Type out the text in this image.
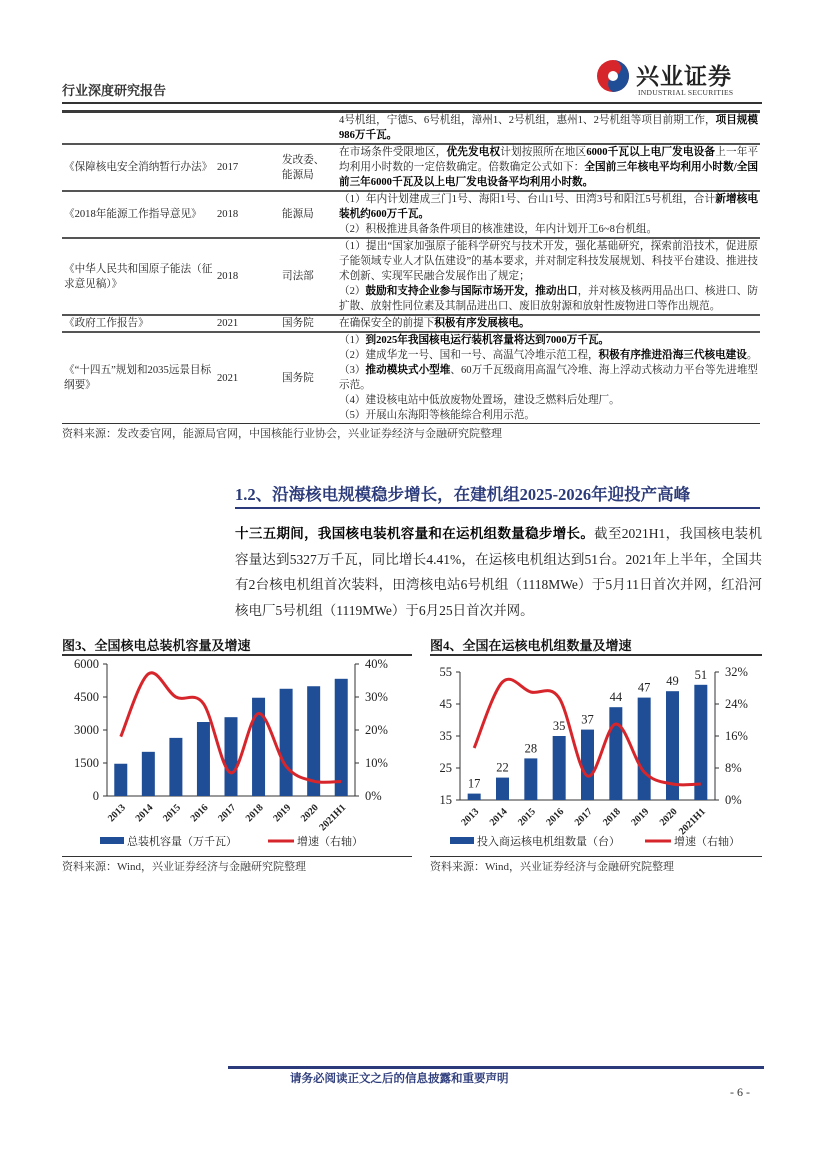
行业深度研究报告
兴业证券
INDUSTRIAL SECURITIES
			4号机组，宁德5、6号机组，漳州1、2号机组，惠州1、2号机组等项目前期工作，项目规模986万千瓦。
《保障核电安全消纳暂行办法》	2017	发改委、能源局	在市场条件受限地区，优先发电权计划按照所在地区6000千瓦以上电厂发电设备上一年平均利用小时数的一定倍数确定。倍数确定公式如下：全国前三年核电平均利用小时数/全国前三年6000千瓦及以上电厂发电设备平均利用小时数。
《2018年能源工作指导意见》	2018	能源局	（1）年内计划建成三门1号、海阳1号、台山1号、田湾3号和阳江5号机组，合计新增核电装机约600万千瓦。
（2）积极推进具备条件项目的核准建设，年内计划开工6~8台机组。
《中华人民共和国原子能法（征求意见稿）》	2018	司法部	（1）提出“国家加强原子能科学研究与技术开发，强化基础研究，探索前沿技术，促进原子能领域专业人才队伍建设”的基本要求，并对制定科技发展规划、科技平台建设、推进技术创新、实现军民融合发展作出了规定；
（2）鼓励和支持企业参与国际市场开发，推动出口，并对核及核两用品出口、核进口、防扩散、放射性同位素及其制品进出口、废旧放射源和放射性废物进口等作出规范。
《政府工作报告》	2021	国务院	在确保安全的前提下积极有序发展核电。
《“十四五”规划和2035远景目标纲要》	2021	国务院	（1）到2025年我国核电运行装机容量将达到7000万千瓦。
（2）建成华龙一号、国和一号、高温气冷堆示范工程，积极有序推进沿海三代核电建设。
（3）推动模块式小型堆、60万千瓦级商用高温气冷堆、海上浮动式核动力平台等先进堆型示范。
（4）建设核电站中低放废物处置场，建设乏燃料后处理厂。
（5）开展山东海阳等核能综合利用示范。
资料来源：发改委官网，能源局官网，中国核能行业协会，兴业证券经济与金融研究院整理
1.2、沿海核电规模稳步增长，在建机组2025-2026年迎投产高峰
十三五期间，我国核电装机容量和在运机组数量稳步增长。截至2021H1，我国核电装机容量达到5327万千瓦，同比增长4.41%，在运核电机组达到51台。2021年上半年，全国共有2台核电机组首次装料，田湾核电站6号机组（1118MWe）于5月11日首次并网，红沿河核电厂5号机组（1119MWe）于6月25日首次并网。
图3、全国核电总装机容量及增速
0	0%
1500	10%
3000	20%
4500	30%
6000	40%
2013 2014 2015 2016 2017 2018 2019 2020
2021H1
总装机容量（万千瓦）	增速（右轴）
资料来源：Wind，兴业证券经济与金融研究院整理
图4、全国在运核电机组数量及增速
15	0%
25	8%
35	16%
45	24%
55	32%
17
2013
22
2014
28
2015
35
2016
37
2017
44
2018
47
2019
49
2020
51
2021H1
投入商运核电机组数量（台）	增速（右轴）
资料来源：Wind，兴业证券经济与金融研究院整理
请务必阅读正文之后的信息披露和重要声明
- 6 -
